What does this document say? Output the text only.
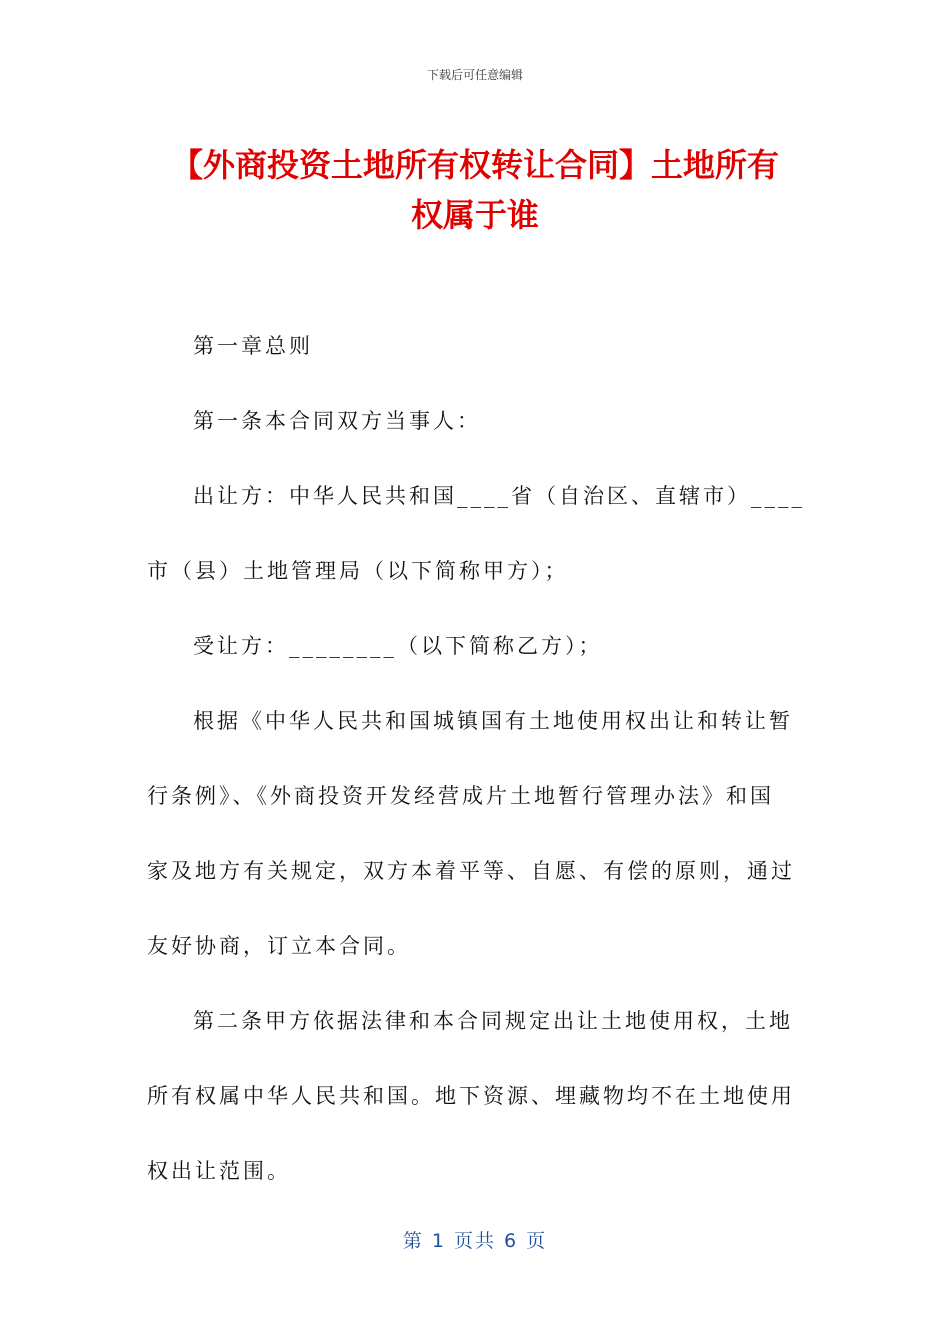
下载后可任意编辑
【外商投资土地所有权转让合同】土地所有
权属于谁
第一章总则
第一条本合同双方当事人：
出让方：中华人民共和国____省（自治区、直辖市）____
市（县）土地管理局（以下简称甲方）；
受让方：________（以下简称乙方）；
根据《中华人民共和国城镇国有土地使用权出让和转让暂
行条例》、《外商投资开发经营成片土地暂行管理办法》和国
家及地方有关规定，双方本着平等、自愿、有偿的原则，通过
友好协商，订立本合同。
第二条甲方依据法律和本合同规定出让土地使用权，土地
所有权属中华人民共和国。地下资源、埋藏物均不在土地使用
权出让范围。
第 1 页共 6 页
